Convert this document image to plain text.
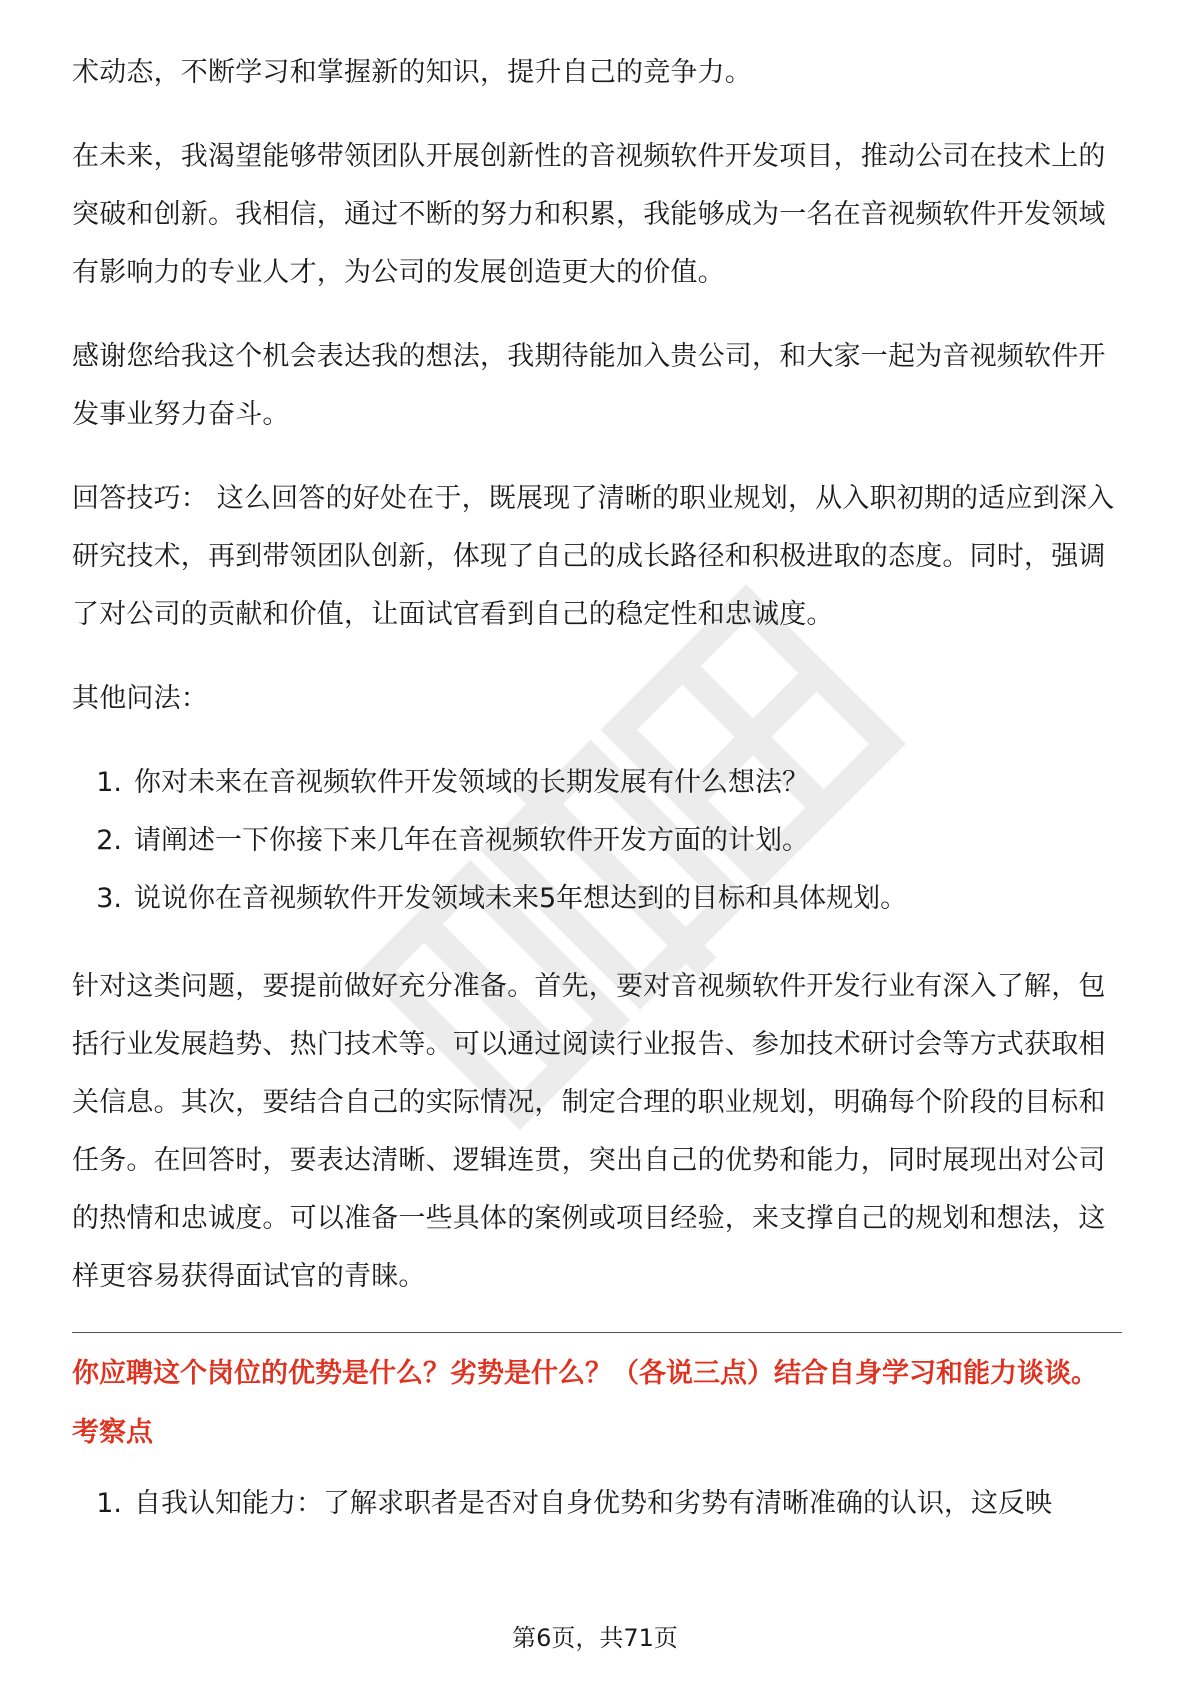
术动态，不断学习和掌握新的知识，提升自己的竞争力。

在未来，我渴望能够带领团队开展创新性的音视频软件开发项目，推动公司在技术上的突破和创新。我相信，通过不断的努力和积累，我能够成为一名在音视频软件开发领域有影响力的专业人才，为公司的发展创造更大的价值。

感谢您给我这个机会表达我的想法，我期待能加入贵公司，和大家一起为音视频软件开发事业努力奋斗。

回答技巧： 这么回答的好处在于，既展现了清晰的职业规划，从入职初期的适应到深入研究技术，再到带领团队创新，体现了自己的成长路径和积极进取的态度。同时，强调了对公司的贡献和价值，让面试官看到自己的稳定性和忠诚度。

其他问法：

1. 你对未来在音视频软件开发领域的长期发展有什么想法？
2. 请阐述一下你接下来几年在音视频软件开发方面的计划。
3. 说说你在音视频软件开发领域未来5年想达到的目标和具体规划。

针对这类问题，要提前做好充分准备。首先，要对音视频软件开发行业有深入了解，包括行业发展趋势、热门技术等。可以通过阅读行业报告、参加技术研讨会等方式获取相关信息。其次，要结合自己的实际情况，制定合理的职业规划，明确每个阶段的目标和任务。在回答时，要表达清晰、逻辑连贯，突出自己的优势和能力，同时展现出对公司的热情和忠诚度。可以准备一些具体的案例或项目经验，来支撑自己的规划和想法，这样更容易获得面试官的青睐。

你应聘这个岗位的优势是什么？劣势是什么？（各说三点）结合自身学习和能力谈谈。
考察点
1. 自我认知能力：了解求职者是否对自身优势和劣势有清晰准确的认识，这反映
第6页，共71页
